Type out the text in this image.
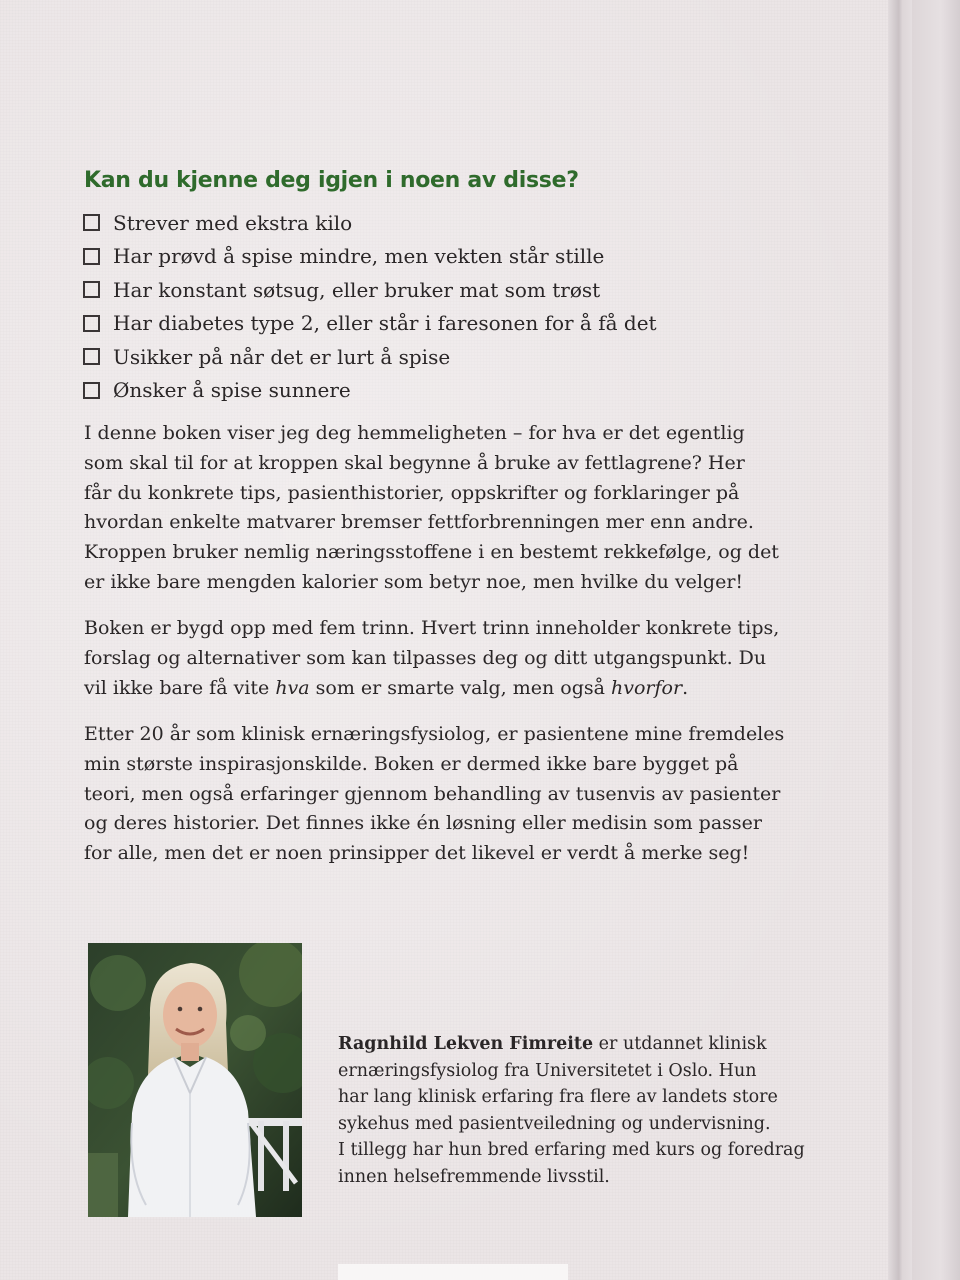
Kan du kjenne deg igjen i noen av disse?
Strever med ekstra kilo
Har prøvd å spise mindre, men vekten står stille
Har konstant søtsug, eller bruker mat som trøst
Har diabetes type 2, eller står i faresonen for å få det
Usikker på når det er lurt å spise
Ønsker å spise sunnere

I denne boken viser jeg deg hemmeligheten – for hva er det egentlig
som skal til for at kroppen skal begynne å bruke av fettlagrene? Her
får du konkrete tips, pasienthistorier, oppskrifter og forklaringer på
hvordan enkelte matvarer bremser fettforbrenningen mer enn andre.
Kroppen bruker nemlig næringsstoffene i en bestemt rekkefølge, og det
er ikke bare mengden kalorier som betyr noe, men hvilke du velger!

Boken er bygd opp med fem trinn. Hvert trinn inneholder konkrete tips,
forslag og alternativer som kan tilpasses deg og ditt utgangspunkt. Du
vil ikke bare få vite hva som er smarte valg, men også hvorfor.

Etter 20 år som klinisk ernæringsfysiolog, er pasientene mine fremdeles
min største inspirasjonskilde. Boken er dermed ikke bare bygget på
teori, men også erfaringer gjennom behandling av tusenvis av pasienter
og deres historier. Det finnes ikke én løsning eller medisin som passer
for alle, men det er noen prinsipper det likevel er verdt å merke seg!

Ragnhild Lekven Fimreite er utdannet klinisk
ernæringsfysiolog fra Universitetet i Oslo. Hun
har lang klinisk erfaring fra flere av landets store
sykehus med pasientveiledning og undervisning.
I tillegg har hun bred erfaring med kurs og foredrag
innen helsefremmende livsstil.
